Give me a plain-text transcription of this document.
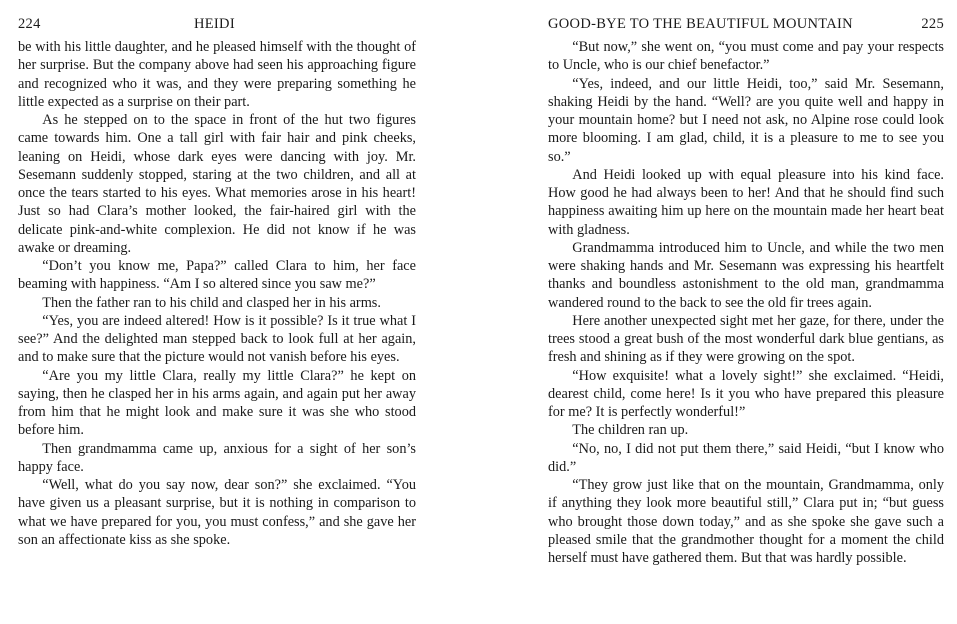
224	HEIDI

be with his little daughter, and he pleased himself with the thought of her surprise. But the company above had seen his approaching figure and recognized who it was, and they were preparing something he little expected as a surprise on their part.

As he stepped on to the space in front of the hut two figures came towards him. One a tall girl with fair hair and pink cheeks, leaning on Heidi, whose dark eyes were dancing with joy. Mr. Sesemann suddenly stopped, staring at the two children, and all at once the tears started to his eyes. What memories arose in his heart! Just so had Clara’s mother looked, the fair-haired girl with the delicate pink-and-white complexion. He did not know if he was awake or dreaming.

“Don’t you know me, Papa?” called Clara to him, her face beaming with happiness. “Am I so altered since you saw me?”

Then the father ran to his child and clasped her in his arms.

“Yes, you are indeed altered! How is it possible? Is it true what I see?” And the delighted man stepped back to look full at her again, and to make sure that the picture would not vanish before his eyes.

“Are you my little Clara, really my little Clara?” he kept on saying, then he clasped her in his arms again, and again put her away from him that he might look and make sure it was she who stood before him.

Then grandmamma came up, anxious for a sight of her son’s happy face.

“Well, what do you say now, dear son?” she exclaimed. “You have given us a pleasant surprise, but it is nothing in comparison to what we have prepared for you, you must confess,” and she gave her son an affectionate kiss as she spoke.

GOOD-BYE TO THE BEAUTIFUL MOUNTAIN	225

“But now,” she went on, “you must come and pay your respects to Uncle, who is our chief benefactor.”

“Yes, indeed, and our little Heidi, too,” said Mr. Sesemann, shaking Heidi by the hand. “Well? are you quite well and happy in your mountain home? but I need not ask, no Alpine rose could look more blooming. I am glad, child, it is a pleasure to me to see you so.”

And Heidi looked up with equal pleasure into his kind face. How good he had always been to her! And that he should find such happiness awaiting him up here on the mountain made her heart beat with gladness.

Grandmamma introduced him to Uncle, and while the two men were shaking hands and Mr. Sesemann was expressing his heartfelt thanks and boundless astonishment to the old man, grandmamma wandered round to the back to see the old fir trees again.

Here another unexpected sight met her gaze, for there, under the trees stood a great bush of the most wonderful dark blue gentians, as fresh and shining as if they were growing on the spot.

“How exquisite! what a lovely sight!” she exclaimed. “Heidi, dearest child, come here! Is it you who have prepared this pleasure for me? It is perfectly wonderful!”

The children ran up.

“No, no, I did not put them there,” said Heidi, “but I know who did.”

“They grow just like that on the mountain, Grandmamma, only if anything they look more beautiful still,” Clara put in; “but guess who brought those down today,” and as she spoke she gave such a pleased smile that the grandmother thought for a moment the child herself must have gathered them. But that was hardly possible.
